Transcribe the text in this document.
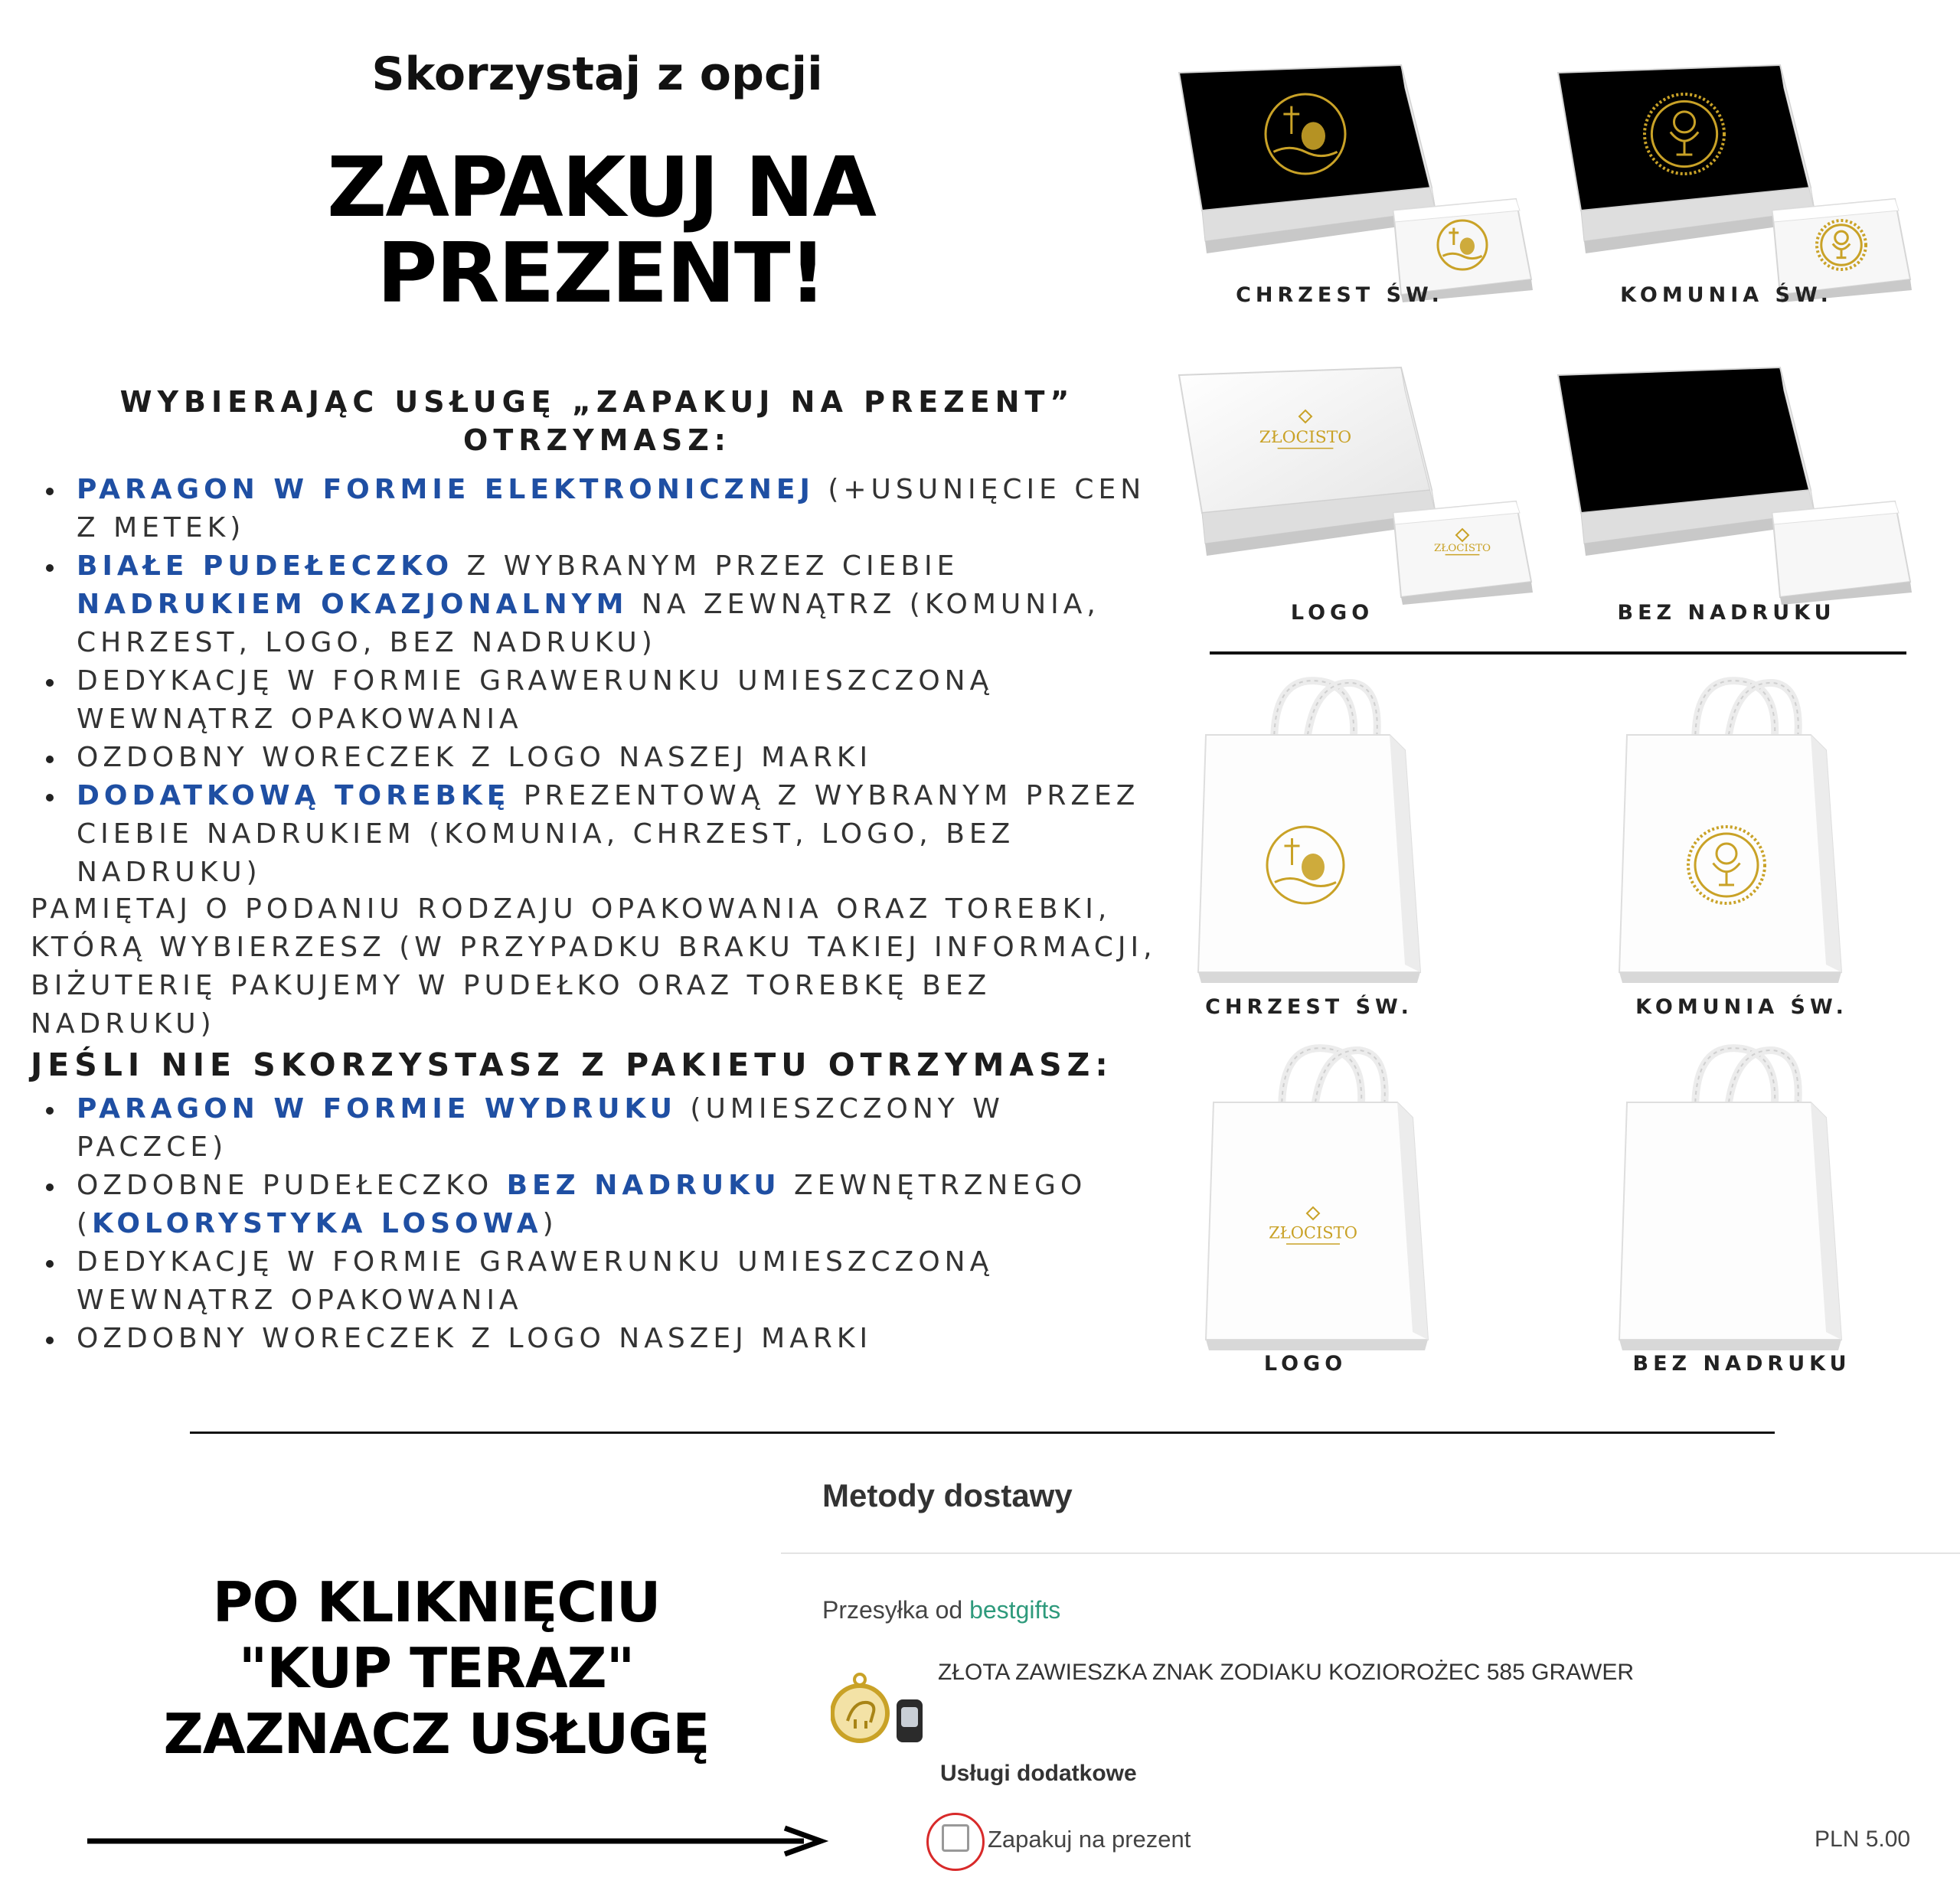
Skorzystaj z opcji
ZAPAKUJ NA
PREZENT!
WYBIERAJĄC USŁUGĘ „ZAPAKUJ NA PREZENT”
OTRZYMASZ:
PARAGON W FORMIE ELEKTRONICZNEJ (+USUNIĘCIE CEN Z METEK)
BIAŁE PUDEŁECZKO Z WYBRANYM PRZEZ CIEBIE NADRUKIEM OKAZJONALNYM NA ZEWNĄTRZ (KOMUNIA, CHRZEST, LOGO, BEZ NADRUKU)
DEDYKACJĘ W FORMIE GRAWERUNKU UMIESZCZONĄ WEWNĄTRZ OPAKOWANIA
OZDOBNY WORECZEK Z LOGO NASZEJ MARKI
DODATKOWĄ TOREBKĘ PREZENTOWĄ Z WYBRANYM PRZEZ CIEBIE NADRUKIEM (KOMUNIA, CHRZEST, LOGO, BEZ NADRUKU)
PAMIĘTAJ O PODANIU RODZAJU OPAKOWANIA ORAZ TOREBKI, KTÓRĄ WYBIERZESZ (W PRZYPADKU BRAKU TAKIEJ INFORMACJI, BIŻUTERIĘ PAKUJEMY W PUDEŁKO ORAZ TOREBKĘ BEZ NADRUKU)
JEŚLI NIE SKORZYSTASZ Z PAKIETU OTRZYMASZ:
PARAGON W FORMIE WYDRUKU (UMIESZCZONY W PACZCE)
OZDOBNE PUDEŁECZKO BEZ NADRUKU ZEWNĘTRZNEGO (KOLORYSTYKA LOSOWA)
DEDYKACJĘ W FORMIE GRAWERUNKU UMIESZCZONĄ WEWNĄTRZ OPAKOWANIA
OZDOBNY WORECZEK Z LOGO NASZEJ MARKI
CHRZEST ŚW.	KOMUNIA ŚW.
ZŁOCISTO
ZŁOCISTO
LOGO	BEZ NADRUKU
CHRZEST ŚW.	KOMUNIA ŚW.
ZŁOCISTO
LOGO	BEZ NADRUKU
PO KLIKNIĘCIU
"KUP TERAZ"
ZAZNACZ USŁUGĘ
Metody dostawy
Przesyłka od bestgifts
ZŁOTA ZAWIESZKA ZNAK ZODIAKU KOZIOROŻEC 585 GRAWER
Usługi dodatkowe
Zapakuj na prezent	PLN 5.00
